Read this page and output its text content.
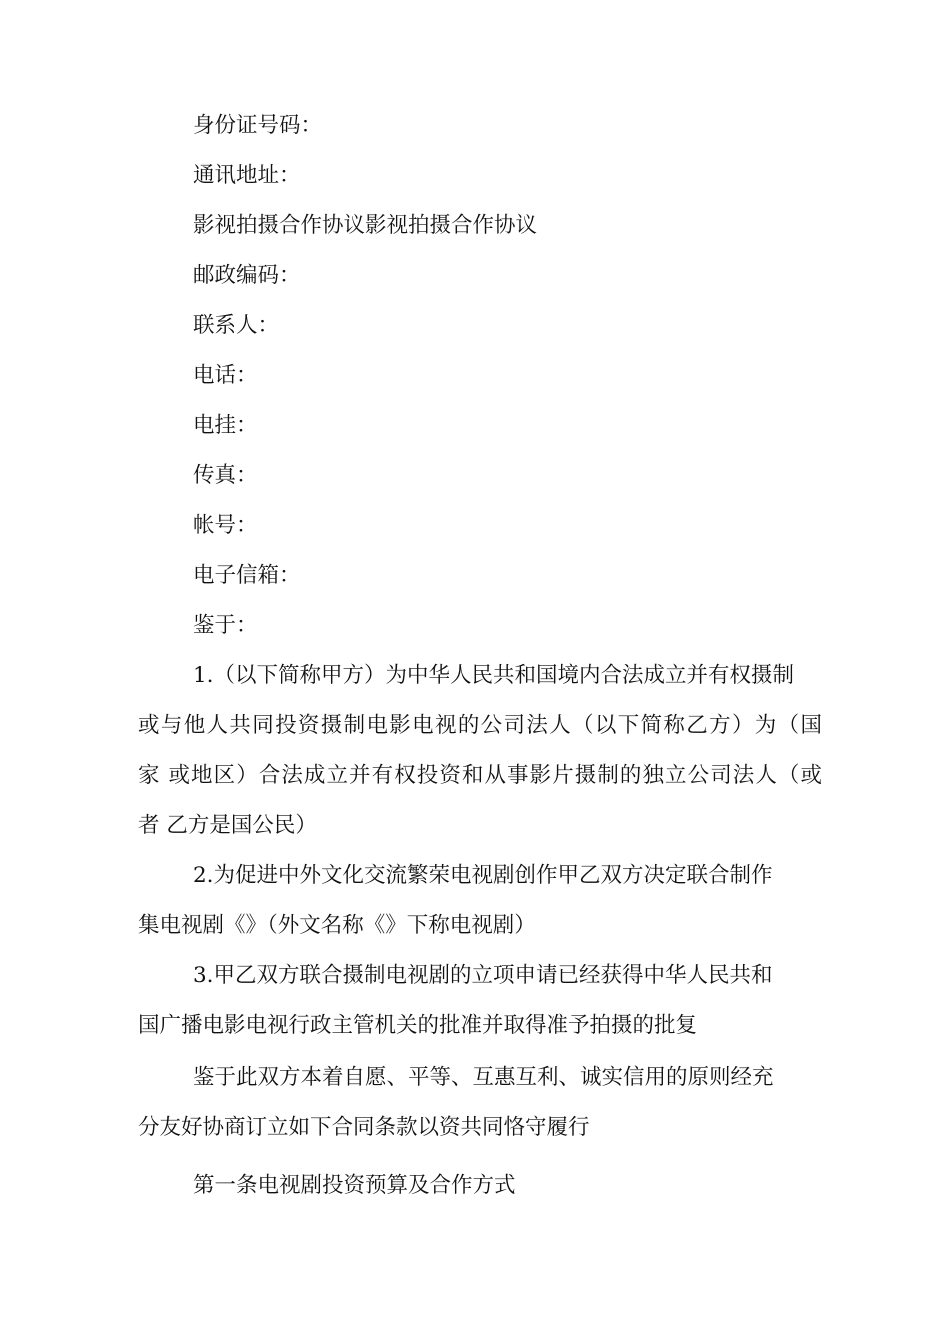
身份证号码：
通讯地址：
影视拍摄合作协议影视拍摄合作协议
邮政编码：
联系人：
电话：
电挂：
传真：
帐号：
电子信箱：
鉴于：
1.（以下简称甲方）为中华人民共和国境内合法成立并有权摄制
或与他人共同投资摄制电影电视的公司法人（以下简称乙方）为（国
家 或地区）合法成立并有权投资和从事影片摄制的独立公司法人（或
者 乙方是国公民）
2.为促进中外文化交流繁荣电视剧创作甲乙双方决定联合制作
集电视剧《》（外文名称《》下称电视剧）
3.甲乙双方联合摄制电视剧的立项申请已经获得中华人民共和
国广播电影电视行政主管机关的批准并取得准予拍摄的批复
鉴于此双方本着自愿、平等、互惠互利、诚实信用的原则经充
分友好协商订立如下合同条款以资共同恪守履行
第一条电视剧投资预算及合作方式
